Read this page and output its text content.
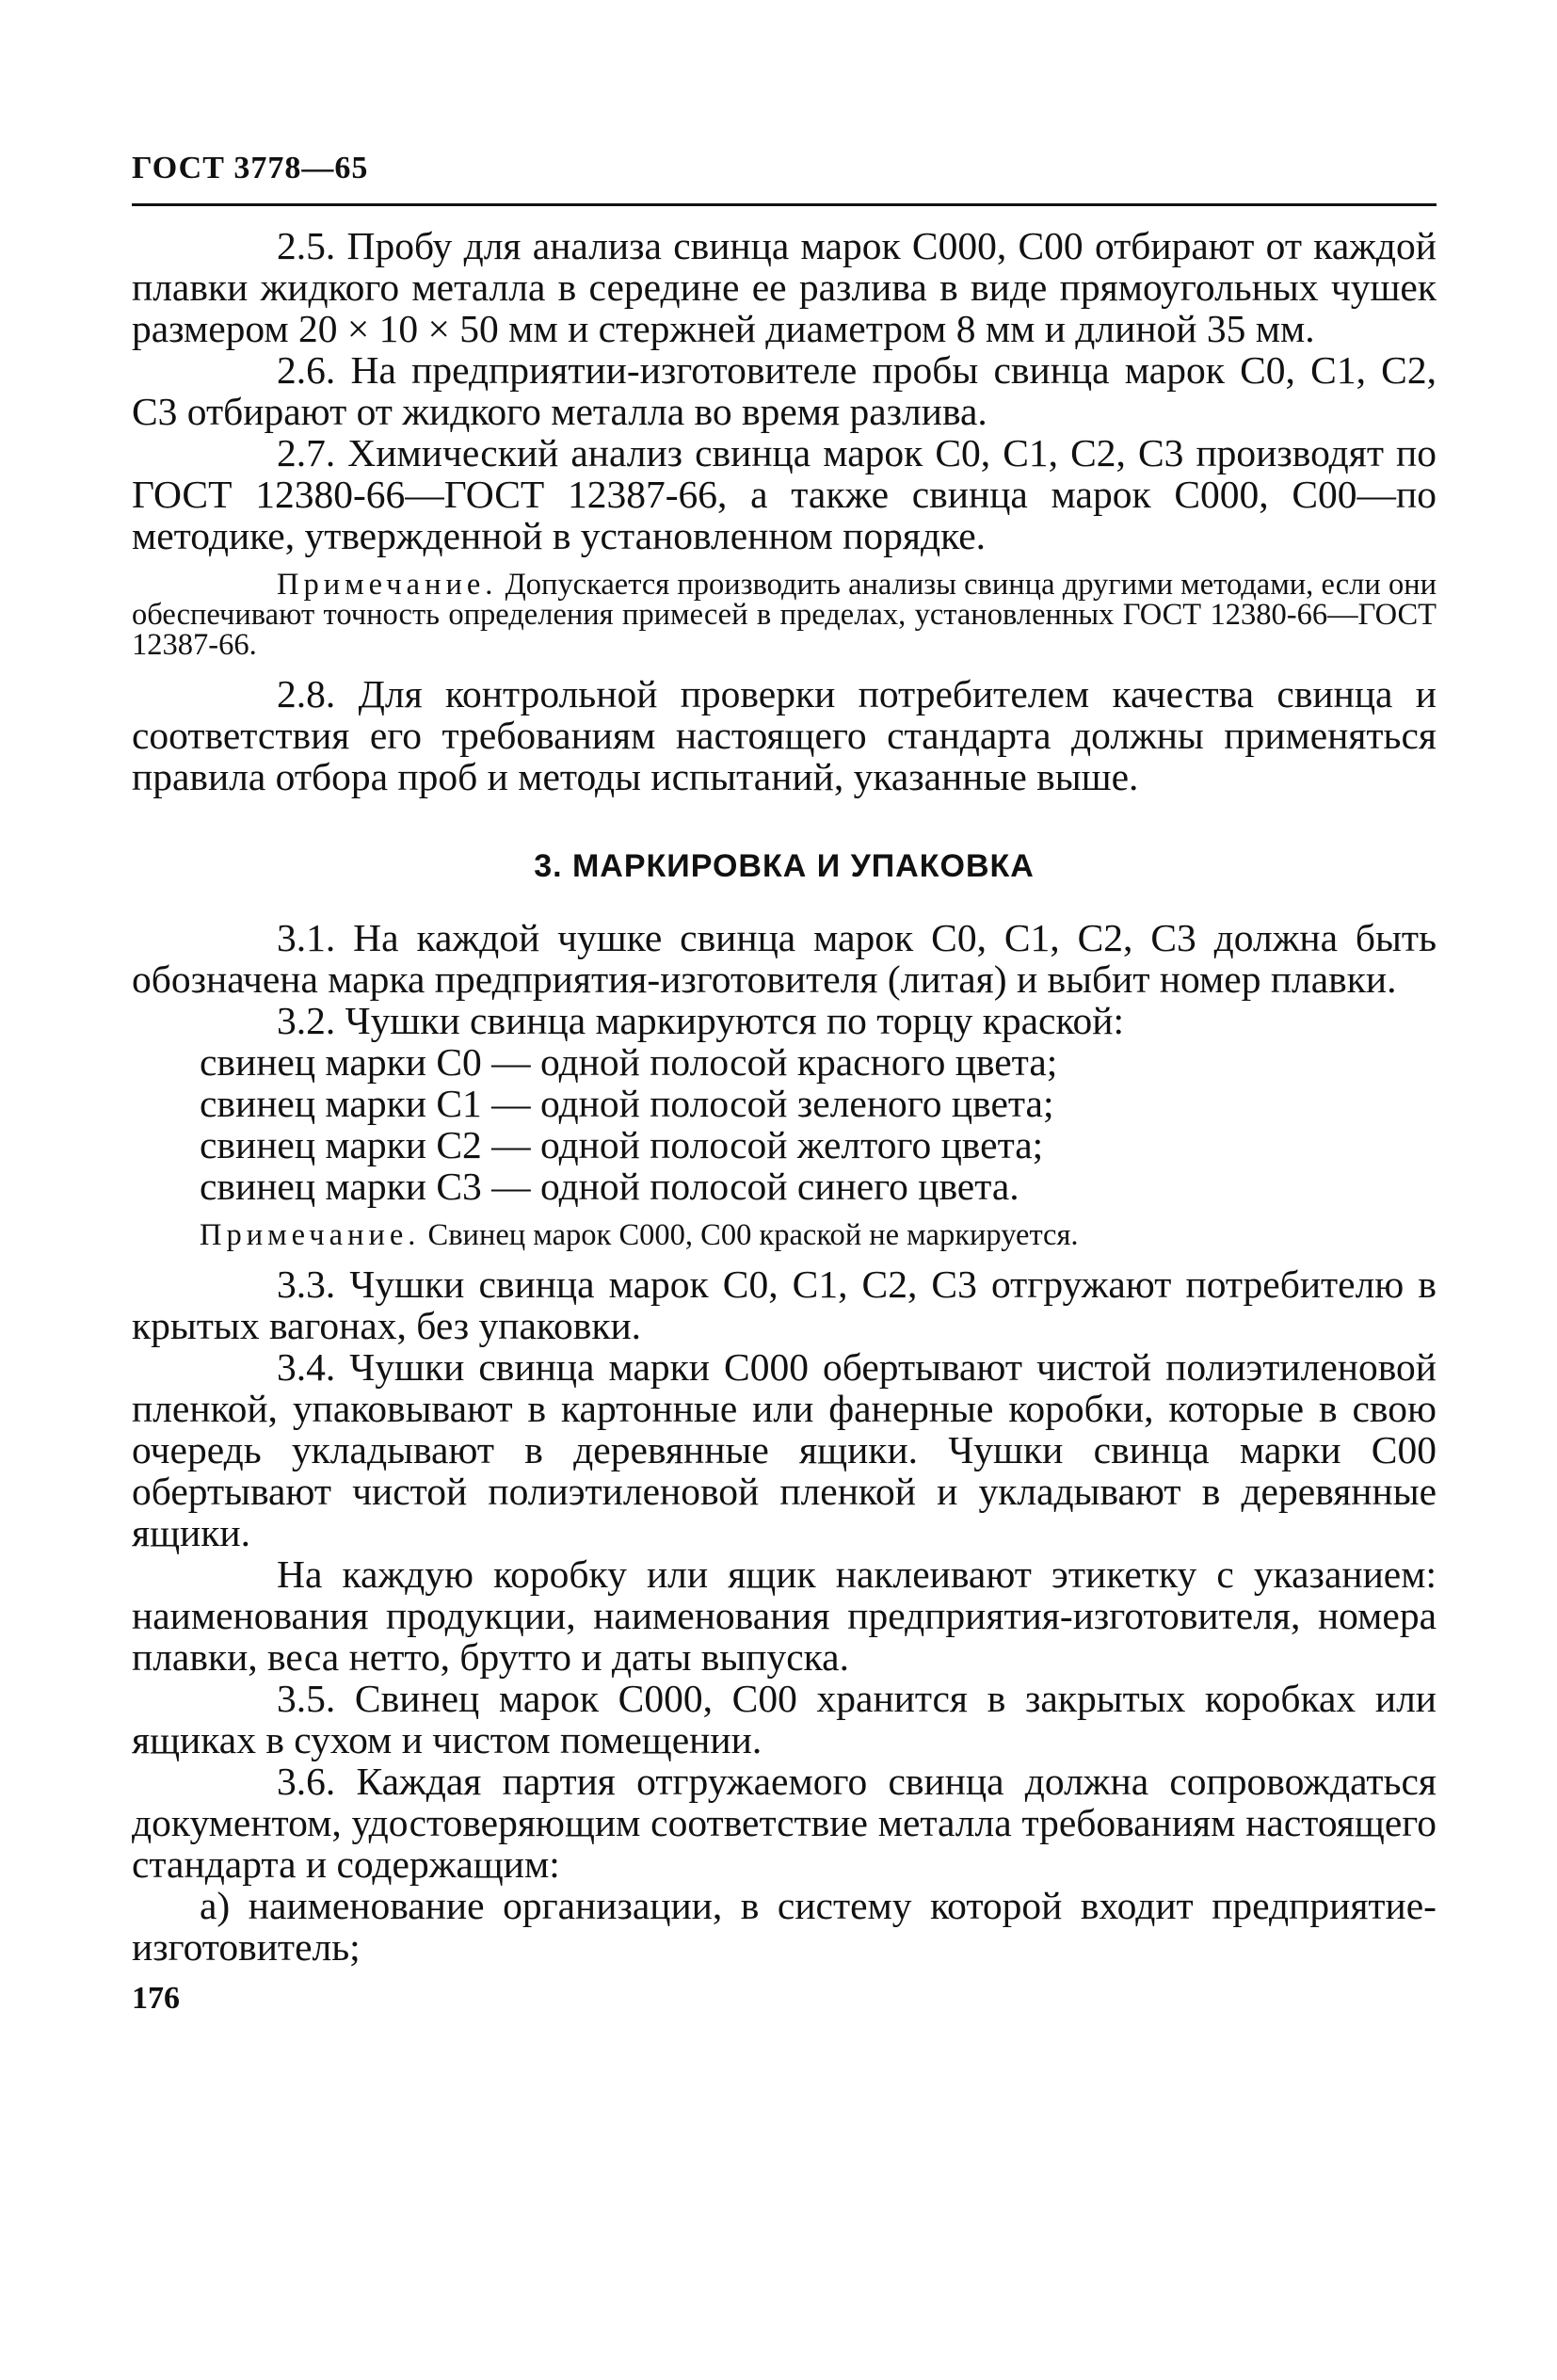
ГОСТ 3778—65

2.5. Пробу для анализа свинца марок С000, С00 отбирают от каждой плавки жидкого металла в середине ее разлива в виде прямоугольных чушек размером 20 × 10 × 50 мм и стержней диаметром 8 мм и длиной 35 мм.

2.6. На предприятии-изготовителе пробы свинца марок С0, С1, С2, С3 отбирают от жидкого металла во время разлива.

2.7. Химический анализ свинца марок С0, С1, С2, С3 производят по ГОСТ 12380-66—ГОСТ 12387-66, а также свинца марок С000, С00—по методике, утвержденной в установленном порядке.

Примечание. Допускается производить анализы свинца другими методами, если они обеспечивают точность определения примесей в пределах, установленных ГОСТ 12380-66—ГОСТ 12387-66.

2.8. Для контрольной проверки потребителем качества свинца и соответствия его требованиям настоящего стандарта должны применяться правила отбора проб и методы испытаний, указанные выше.

3. МАРКИРОВКА И УПАКОВКА

3.1. На каждой чушке свинца марок С0, С1, С2, С3 должна быть обозначена марка предприятия-изготовителя (литая) и выбит номер плавки.

3.2. Чушки свинца маркируются по торцу краской:

свинец марки С0 — одной полосой красного цвета;
свинец марки С1 — одной полосой зеленого цвета;
свинец марки С2 — одной полосой желтого цвета;
свинец марки С3 — одной полосой синего цвета.

Примечание. Свинец марок С000, С00 краской не маркируется.

3.3. Чушки свинца марок С0, С1, С2, С3 отгружают потребителю в крытых вагонах, без упаковки.

3.4. Чушки свинца марки С000 обертывают чистой полиэтиленовой пленкой, упаковывают в картонные или фанерные коробки, которые в свою очередь укладывают в деревянные ящики. Чушки свинца марки С00 обертывают чистой полиэтиленовой пленкой и укладывают в деревянные ящики.

На каждую коробку или ящик наклеивают этикетку с указанием: наименования продукции, наименования предприятия-изготовителя, номера плавки, веса нетто, брутто и даты выпуска.

3.5. Свинец марок С000, С00 хранится в закрытых коробках или ящиках в сухом и чистом помещении.

3.6. Каждая партия отгружаемого свинца должна сопровождаться документом, удостоверяющим соответствие металла требованиям настоящего стандарта и содержащим:

а) наименование организации, в систему которой входит предприятие-изготовитель;

176
